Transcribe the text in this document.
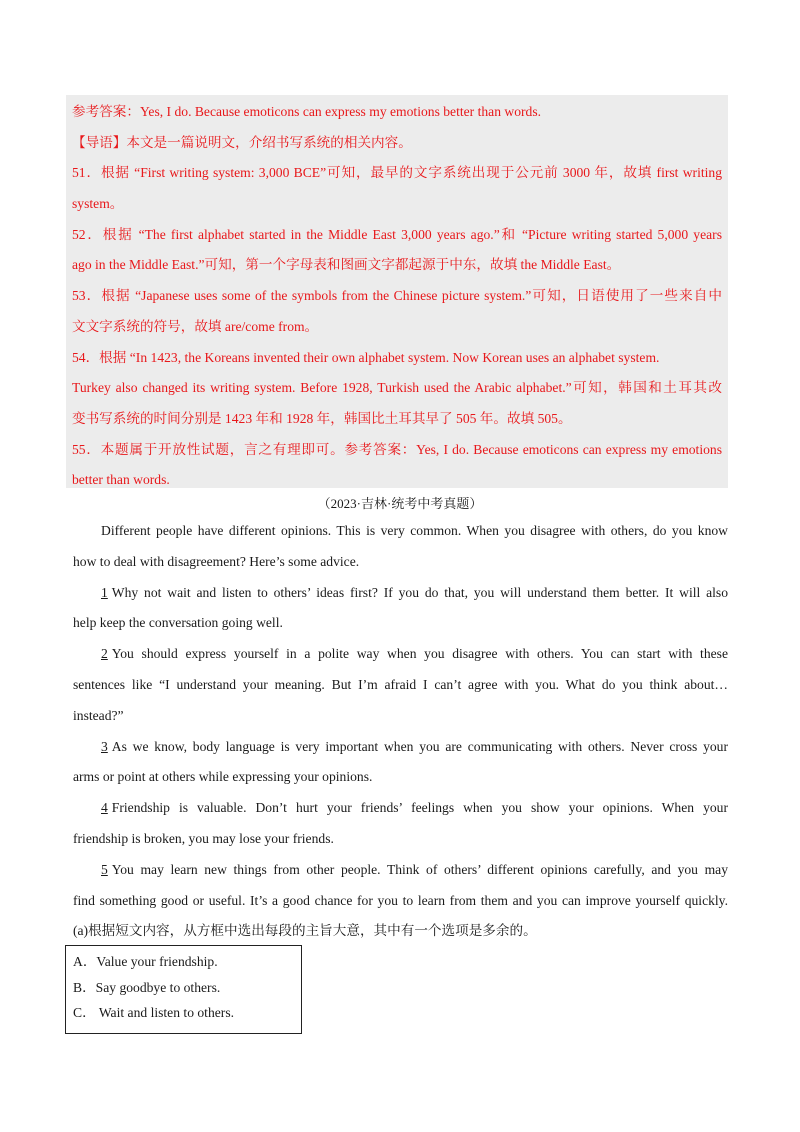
参考答案：Yes, I do. Because emoticons can express my emotions better than words.
【导语】本文是一篇说明文，介绍书写系统的相关内容。
51．根据 “First writing system: 3,000 BCE”可知，最早的文字系统出现于公元前 3000 年，故填 first writing
system。
52．根据 “The first alphabet started in the Middle East 3,000 years ago.”和 “Picture writing started 5,000 years
ago in the Middle East.”可知，第一个字母表和图画文字都起源于中东，故填 the Middle East。
53．根据 “Japanese uses some of the symbols from the Chinese picture system.”可知，日语使用了一些来自中
文文字系统的符号，故填 are/come from。
54．根据 “In 1423, the Koreans invented their own alphabet system. Now Korean uses an alphabet system.
Turkey also changed its writing system. Before 1928, Turkish used the Arabic alphabet.”可知，韩国和土耳其改
变书写系统的时间分别是 1423 年和 1928 年，韩国比土耳其早了 505 年。故填 505。
55．本题属于开放性试题，言之有理即可。参考答案：Yes, I do. Because emoticons can express my emotions
better than words.
（2023·吉林·统考中考真题）
Different people have different opinions. This is very common. When you disagree with others, do you know
how to deal with disagreement? Here’s some advice.
1Why not wait and listen to others’ ideas first? If you do that, you will understand them better. It will also
help keep the conversation going well.
2You should express yourself in a polite way when you disagree with others. You can start with these
sentences like “I understand your meaning. But I’m afraid I can’t agree with you. What do you think about…
instead?”
3As we know, body language is very important when you are communicating with others. Never cross your
arms or point at others while expressing your opinions.
4Friendship is valuable. Don’t hurt your friends’ feelings when you show your opinions. When your
friendship is broken, you may lose your friends.
5You may learn new things from other people. Think of others’ different opinions carefully, and you may
find something good or useful. It’s a good chance for you to learn from them and you can improve yourself quickly.
(a)根据短文内容，从方框中选出每段的主旨大意，其中有一个选项是多余的。
A．Value your friendship.
B．Say goodbye to others.
C． Wait and listen to others.
